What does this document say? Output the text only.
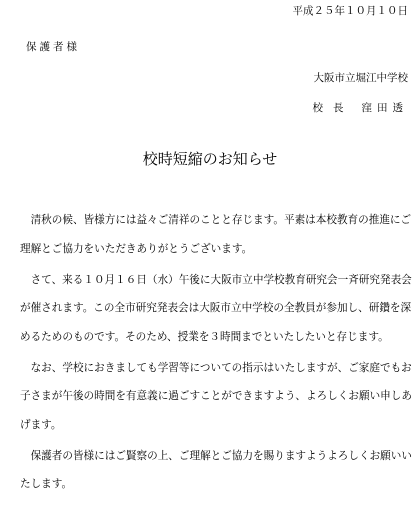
平成２５年１０月１０日
保護者様
大阪市立堀江中学校
校長 窪田透
校時短縮のお知らせ

清秋の候、皆様方には益々ご清祥のことと存じます。平素は本校教育の推進にご理解とご協力をいただきありがとうございます。

さて、来る１０月１６日（水）午後に大阪市立中学校教育研究会一斉研究発表会が催されます。この全市研究発表会は大阪市立中学校の全教員が参加し、研鑽を深めるためのものです。そのため、授業を３時間までといたしたいと存じます。

なお、学校におきましても学習等についての指示はいたしますが、ご家庭でもお子さまが午後の時間を有意義に過ごすことができますよう、よろしくお願い申しあげます。

保護者の皆様にはご賢察の上、ご理解とご協力を賜りますようよろしくお願いいたします。
